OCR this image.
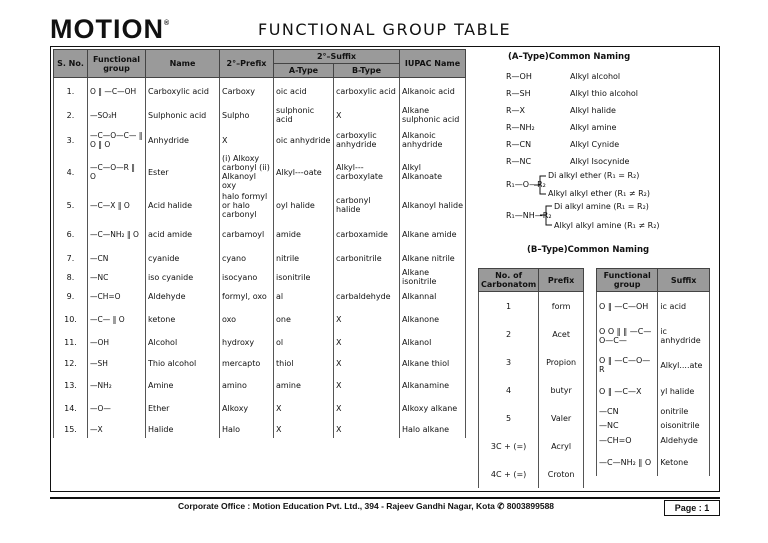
MOTION®	FUNCTIONAL GROUP TABLE
S. No.	Functional group	Name	2°–Prefix	2°–Suffix		IUPAC Name
				A-Type	B-Type	
1.	O ‖ —C—OH	Carboxylic acid	Carboxy	oic acid	carboxylic acid	Alkanoic acid
2.	—SO₃H	Sulphonic acid	Sulpho	sulphonic acid	X	Alkane sulphonic acid
3.	—C—O—C— ‖ O ‖ O	Anhydride	X	oic anhydride	carboxylic anhydride	Alkanoic anhydride
4.	—C—O—R ‖ O	Ester	(i) Alkoxy carbonyl (ii) Alkanoyl oxy	Alkyl---oate	Alkyl--- carboxylate	Alkyl Alkanoate
5.	—C—X ‖ O	Acid halide	halo formyl or halo carbonyl	oyl halide	carbonyl halide	Alkanoyl halide
6.	—C—NH₂ ‖ O	acid amide	carbamoyl	amide	carboxamide	Alkane amide
7.	—CN	cyanide	cyano	nitrile	carbonitrile	Alkane nitrile
8.	—NC	iso cyanide	isocyano	isonitrile		Alkane isonitrile
9.	—CH=O	Aldehyde	formyl, oxo	al	carbaldehyde	Alkannal
10.	—C— ‖ O	ketone	oxo	one	X	Alkanone
11.	—OH	Alcohol	hydroxy	ol	X	Alkanol
12.	—SH	Thio alcohol	mercapto	thiol	X	Alkane thiol
13.	—NH₂	Amine	amino	amine	X	Alkanamine
14.	—O—	Ether	Alkoxy	X	X	Alkoxy alkane
15.	—X	Halide	Halo	X	X	Halo alkane
(A–Type)Common Naming
R—OH	Alkyl alcohol
R—SH	Alkyl thio alcohol
R—X	Alkyl halide
R—NH₂	Alkyl amine
R—CN	Alkyl Cynide
R—NC	Alkyl Isocynide
R₁—O—R₂
Di alkyl ether (R₁ = R₂)
Alkyl alkyl ether (R₁ ≠ R₂)
R₁—NH—R₂
Di alkyl amine (R₁ = R₂)
Alkyl alkyl amine (R₁ ≠ R₂)
(B–Type)Common Naming
No. of Carbonatom	Prefix
1	form
2	Acet
3	Propion
4	butyr
5	Valer
3C + (=)	Acryl
4C + (=)	Croton
Functional group	Suffix
O ‖ —C—OH	ic acid
O O ‖ ‖ —C—O—C—	ic anhydride
O ‖ —C—O—R	Alkyl....ate
O ‖ —C—X	yl halide
—CN	onitrile
—NC	oisonitrile
—CH=O	Aldehyde
—C—NH₂ ‖ O	Ketone
Corporate Office : Motion Education Pvt. Ltd., 394 - Rajeev Gandhi Nagar, Kota ✆ 8003899588	Page : 1
